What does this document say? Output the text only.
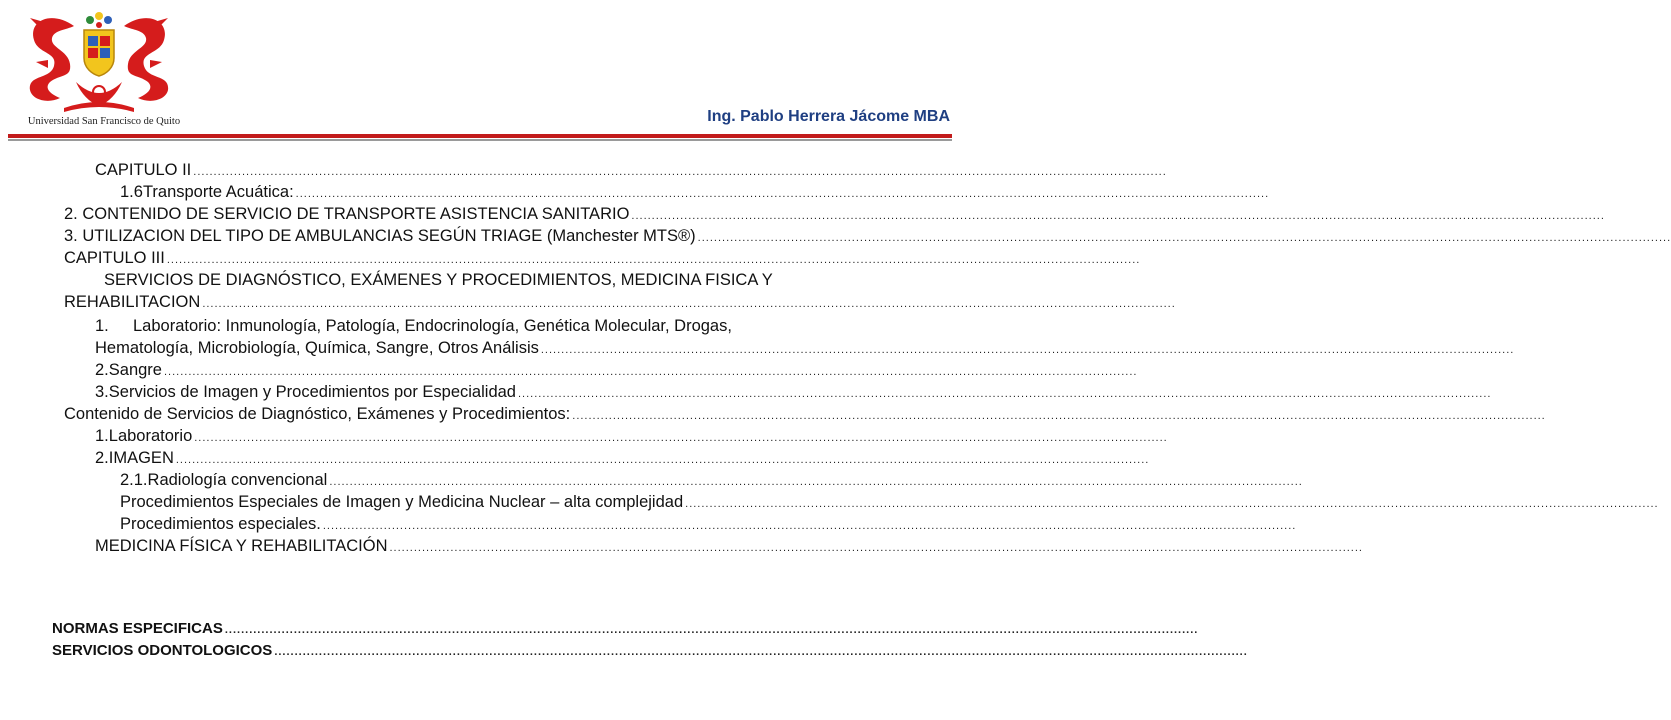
Universidad San Francisco de Quito	Ing. Pablo Herrera Jácome MBA
CAPITULO II ................................................................................................................................................................................................................................................
1.6 Transporte Acuática: ................................................................................................................................................................................................................................................
2. CONTENIDO DE SERVICIO DE TRANSPORTE ASISTENCIA SANITARIO ................................................................................................................................................................................................................................................
3. UTILIZACION DEL TIPO DE AMBULANCIAS SEGÚN TRIAGE (Manchester MTS®) ................................................................................................................................................................................................................................................
CAPITULO III ................................................................................................................................................................................................................................................
SERVICIOS DE DIAGNÓSTICO, EXÁMENES Y PROCEDIMIENTOS, MEDICINA FISICA Y
REHABILITACION ................................................................................................................................................................................................................................................
1. Laboratorio: Inmunología, Patología, Endocrinología, Genética Molecular, Drogas,
Hematología, Microbiología, Química, Sangre, Otros Análisis ................................................................................................................................................................................................................................................
2. Sangre ................................................................................................................................................................................................................................................
3. Servicios de Imagen y Procedimientos por Especialidad ................................................................................................................................................................................................................................................
Contenido de Servicios de Diagnóstico, Exámenes y Procedimientos: ................................................................................................................................................................................................................................................
1. Laboratorio ................................................................................................................................................................................................................................................
2. IMAGEN ................................................................................................................................................................................................................................................
2.1. Radiología convencional ................................................................................................................................................................................................................................................
Procedimientos Especiales de Imagen y Medicina Nuclear – alta complejidad ................................................................................................................................................................................................................................................
Procedimientos especiales. ................................................................................................................................................................................................................................................
MEDICINA FÍSICA Y REHABILITACIÓN ................................................................................................................................................................................................................................................
NORMAS ESPECIFICAS ................................................................................................................................................................................................................................................
SERVICIOS ODONTOLOGICOS ................................................................................................................................................................................................................................................
